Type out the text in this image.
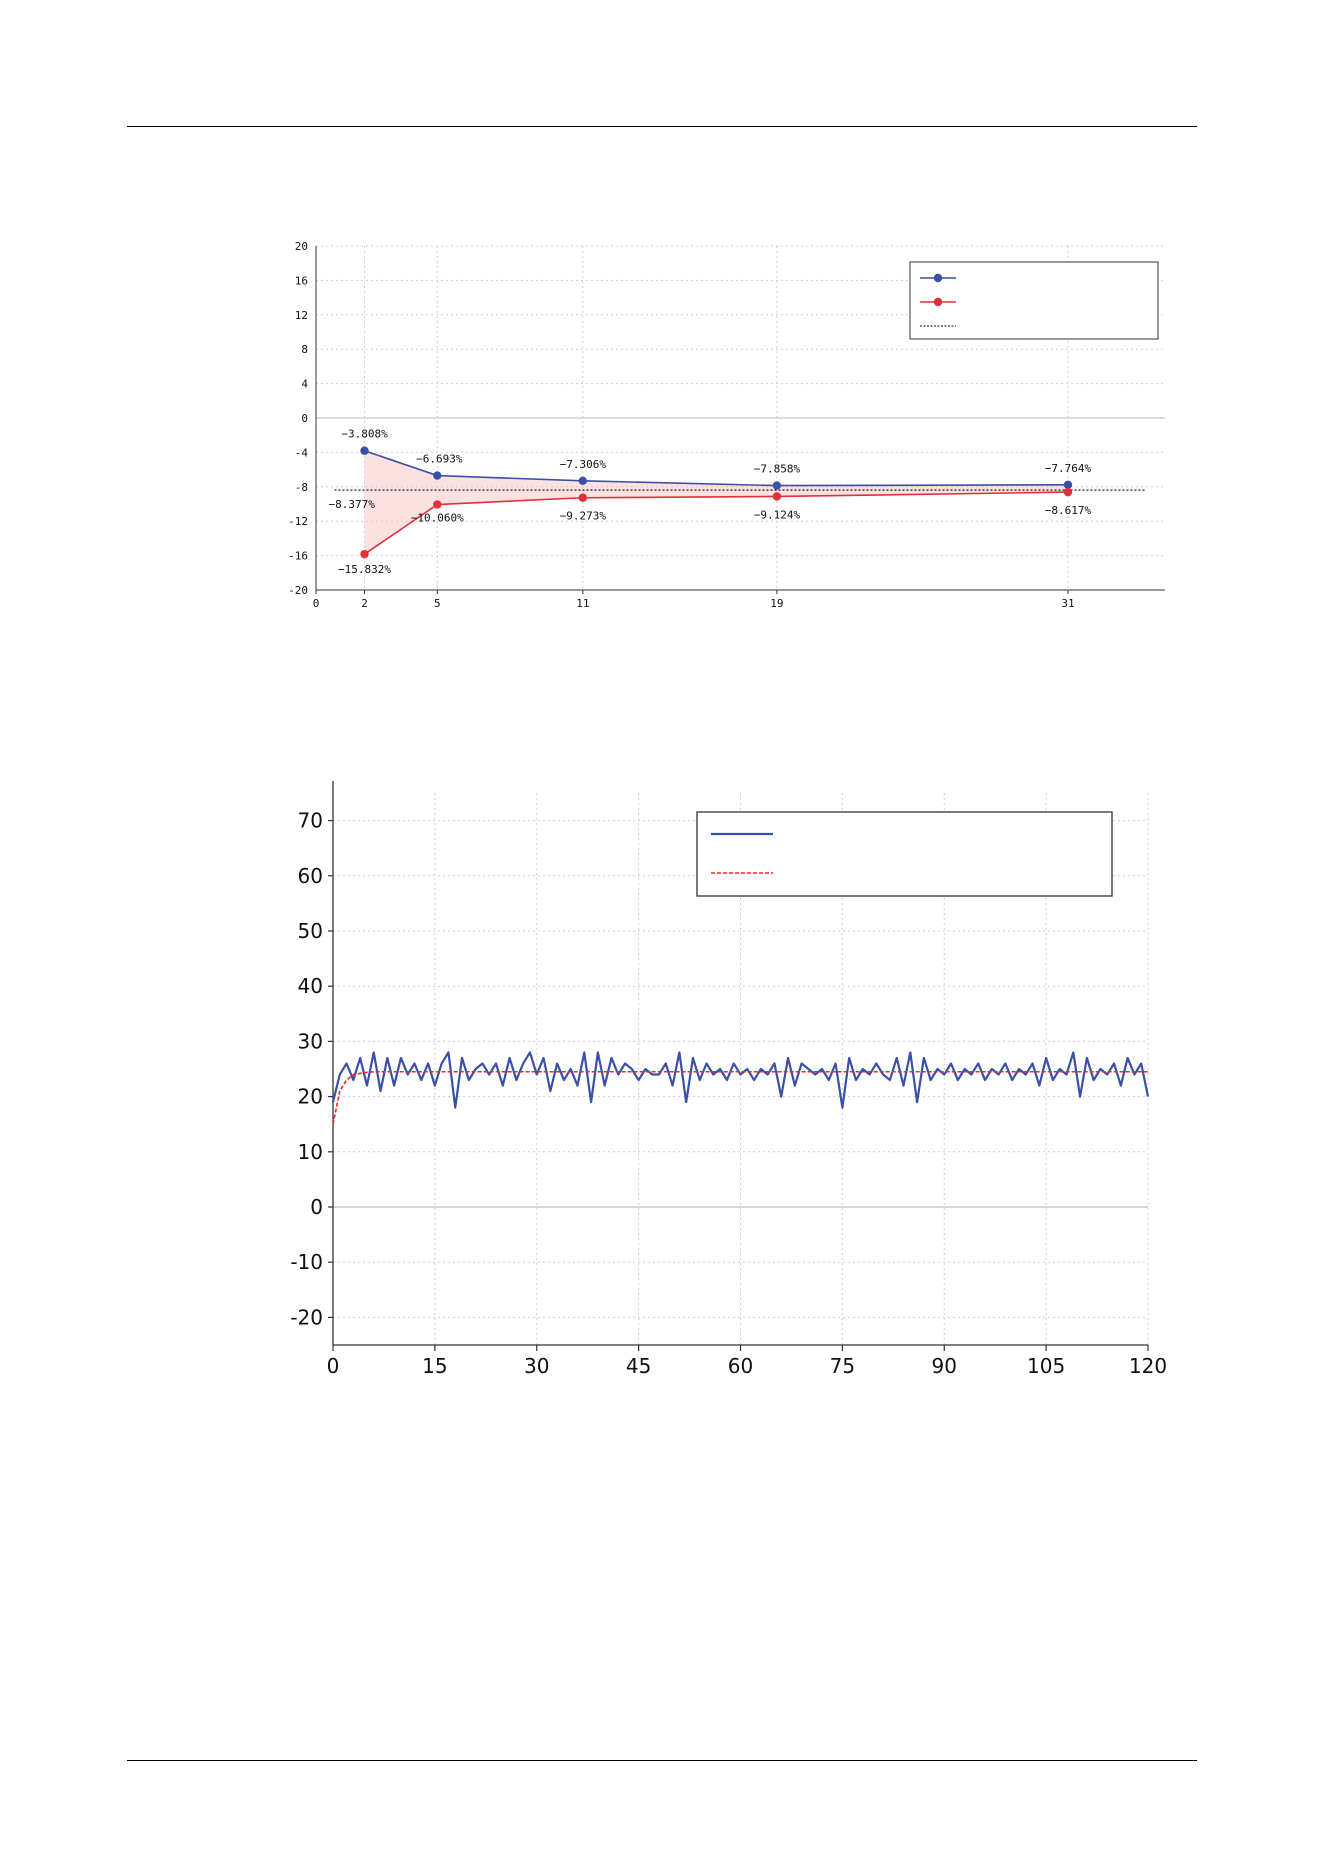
-20
-16
-12
-8
-4
0
4
8
12
16
20
0	2	5	11	19	31
−8.377%
−3.808%
−6.693%	−7.306%	−7.858%	−7.764%
−15.832%
−10.060%	−9.273%	−9.124%	−8.617%
-20
-10
0
10
20
30
40
50
60
70
0	15	30	45	60	75	90	105	120
